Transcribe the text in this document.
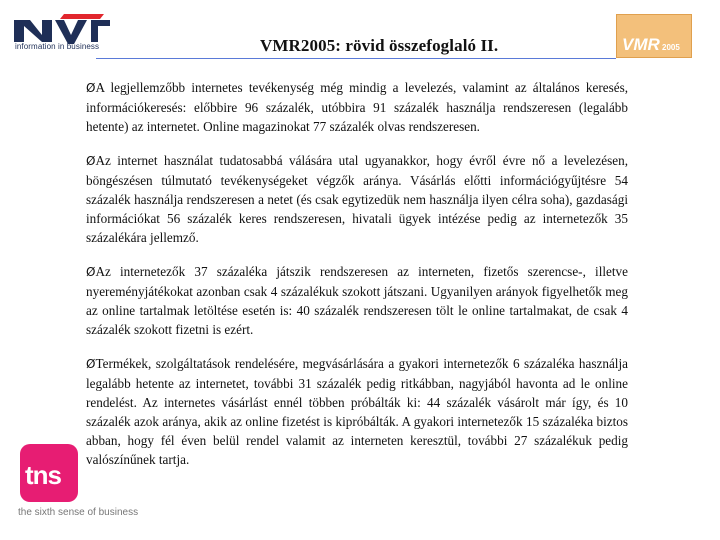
information in business	VMR2005: rövid összefoglaló II.	VMR 2005

ØA legjellemzőbb internetes tevékenység még mindig a levelezés, valamint az általános keresés, információkeresés: előbbire 96 százalék, utóbbira 91 százalék használja rendszeresen (legalább hetente) az internetet. Online magazinokat 77 százalék olvas rendszeresen.

ØAz internet használat tudatosabbá válására utal ugyanakkor, hogy évről évre nő a levelezésen, böngészésen túlmutató tevékenységeket végzők aránya. Vásárlás előtti információgyűjtésre 54 százalék használja rendszeresen a netet (és csak egytizedük nem használja ilyen célra soha), gazdasági információkat 56 százalék keres rendszeresen, hivatali ügyek intézése pedig az internetezők 35 százalékára jellemző.

ØAz internetezők 37 százaléka játszik rendszeresen az interneten, fizetős szerencse-, illetve nyereményjátékokat azonban csak 4 százalékuk szokott játszani. Ugyanilyen arányok figyelhetők meg az online tartalmak letöltése esetén is: 40 százalék rendszeresen tölt le online tartalmakat, de csak 4 százalék szokott fizetni is ezért.

ØTermékek, szolgáltatások rendelésére, megvásárlására a gyakori internetezők 6 százaléka használja legalább hetente az internetet, további 31 százalék pedig ritkábban, nagyjából havonta ad le online rendelést. Az internetes vásárlást ennél többen próbálták ki: 44 százalék vásárolt már így, és 10 százalék azok aránya, akik az online fizetést is kipróbálták. A gyakori internetezők 15 százaléka biztos abban, hogy fél éven belül rendel valamit az interneten keresztül, további 27 százalékuk pedig valószínűnek tartja.

tns
the sixth sense of business
